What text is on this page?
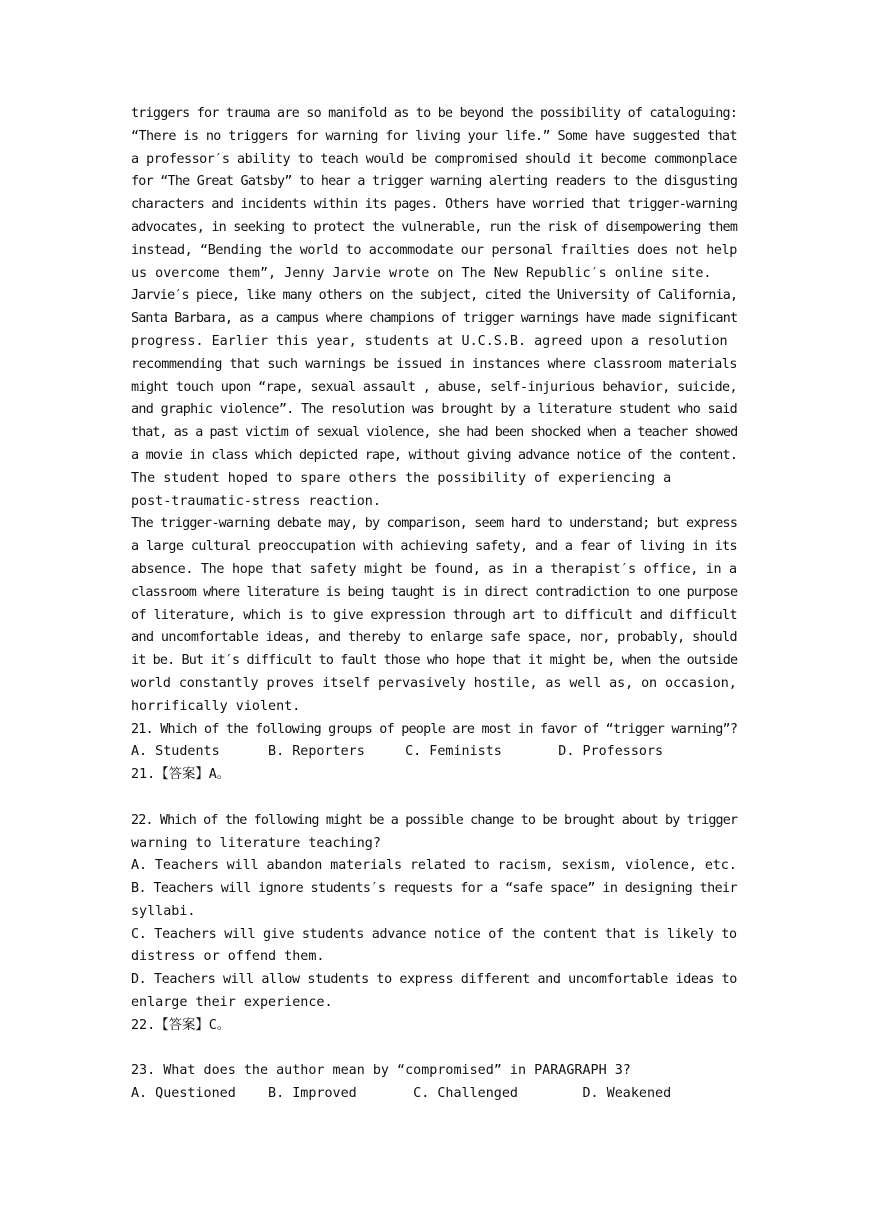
triggers for trauma are so manifold as to be beyond the possibility of cataloguing:
“There is no triggers for warning for living your life.” Some have suggested that
a professor′s ability to teach would be compromised should it become commonplace
for “The Great Gatsby” to hear a trigger warning alerting readers to the disgusting
characters and incidents within its pages. Others have worried that trigger-warning
advocates, in seeking to protect the vulnerable, run the risk of disempowering them
instead, “Bending the world to accommodate our personal frailties does not help
us overcome them”, Jenny Jarvie wrote on The New Republic′s online site.
Jarvie′s piece, like many others on the subject, cited the University of California,
Santa Barbara, as a campus where champions of trigger warnings have made significant
progress. Earlier this year, students at U.C.S.B. agreed upon a resolution
recommending that such warnings be issued in instances where classroom materials
might touch upon “rape, sexual assault , abuse, self-injurious behavior, suicide,
and graphic violence”. The resolution was brought by a literature student who said
that, as a past victim of sexual violence, she had been shocked when a teacher showed
a movie in class which depicted rape, without giving advance notice of the content.
The student hoped to spare others the possibility of experiencing a
post-traumatic-stress reaction.
The trigger-warning debate may, by comparison, seem hard to understand; but express
a large cultural preoccupation with achieving safety, and a fear of living in its
absence. The hope that safety might be found, as in a therapist′s office, in a
classroom where literature is being taught is in direct contradiction to one purpose
of literature, which is to give expression through art to difficult and difficult
and uncomfortable ideas, and thereby to enlarge safe space, nor, probably, should
it be. But it′s difficult to fault those who hope that it might be, when the outside
world constantly proves itself pervasively hostile, as well as, on occasion,
horrifically violent.
21. Which of the following groups of people are most in favor of “trigger warning”?
A. Students      B. Reporters     C. Feminists       D. Professors
21.【答案】A。
22. Which of the following might be a possible change to be brought about by trigger
warning to literature teaching?
A. Teachers will abandon materials related to racism, sexism, violence, etc.
B. Teachers will ignore students′s requests for a “safe space” in designing their
syllabi.
C. Teachers will give students advance notice of the content that is likely to
distress or offend them.
D. Teachers will allow students to express different and uncomfortable ideas to
enlarge their experience.
22.【答案】C。
23. What does the author mean by “compromised” in PARAGRAPH 3?
A. Questioned    B. Improved       C. Challenged        D. Weakened
